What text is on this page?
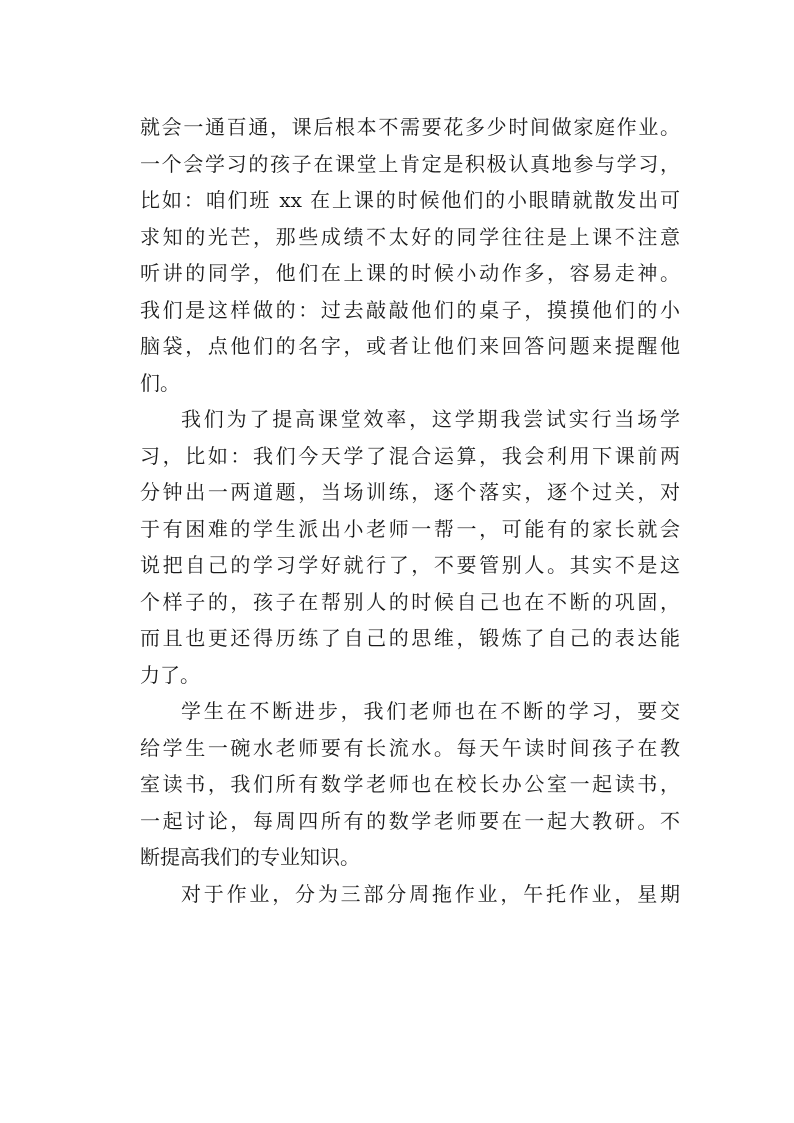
就会一通百通，课后根本不需要花多少时间做家庭作业。
一个会学习的孩子在课堂上肯定是积极认真地参与学习，
比如：咱们班 xx 在上课的时候他们的小眼睛就散发出可
求知的光芒，那些成绩不太好的同学往往是上课不注意
听讲的同学，他们在上课的时候小动作多，容易走神。
我们是这样做的：过去敲敲他们的桌子，摸摸他们的小
脑袋，点他们的名字，或者让他们来回答问题来提醒他
们。
我们为了提高课堂效率，这学期我尝试实行当场学
习，比如：我们今天学了混合运算，我会利用下课前两
分钟出一两道题，当场训练，逐个落实，逐个过关，对
于有困难的学生派出小老师一帮一，可能有的家长就会
说把自己的学习学好就行了，不要管别人。其实不是这
个样子的，孩子在帮别人的时候自己也在不断的巩固，
而且也更还得历练了自己的思维，锻炼了自己的表达能
力了。
学生在不断进步，我们老师也在不断的学习，要交
给学生一碗水老师要有长流水。每天午读时间孩子在教
室读书，我们所有数学老师也在校长办公室一起读书，
一起讨论，每周四所有的数学老师要在一起大教研。不
断提高我们的专业知识。
对于作业，分为三部分周拖作业，午托作业，星期
